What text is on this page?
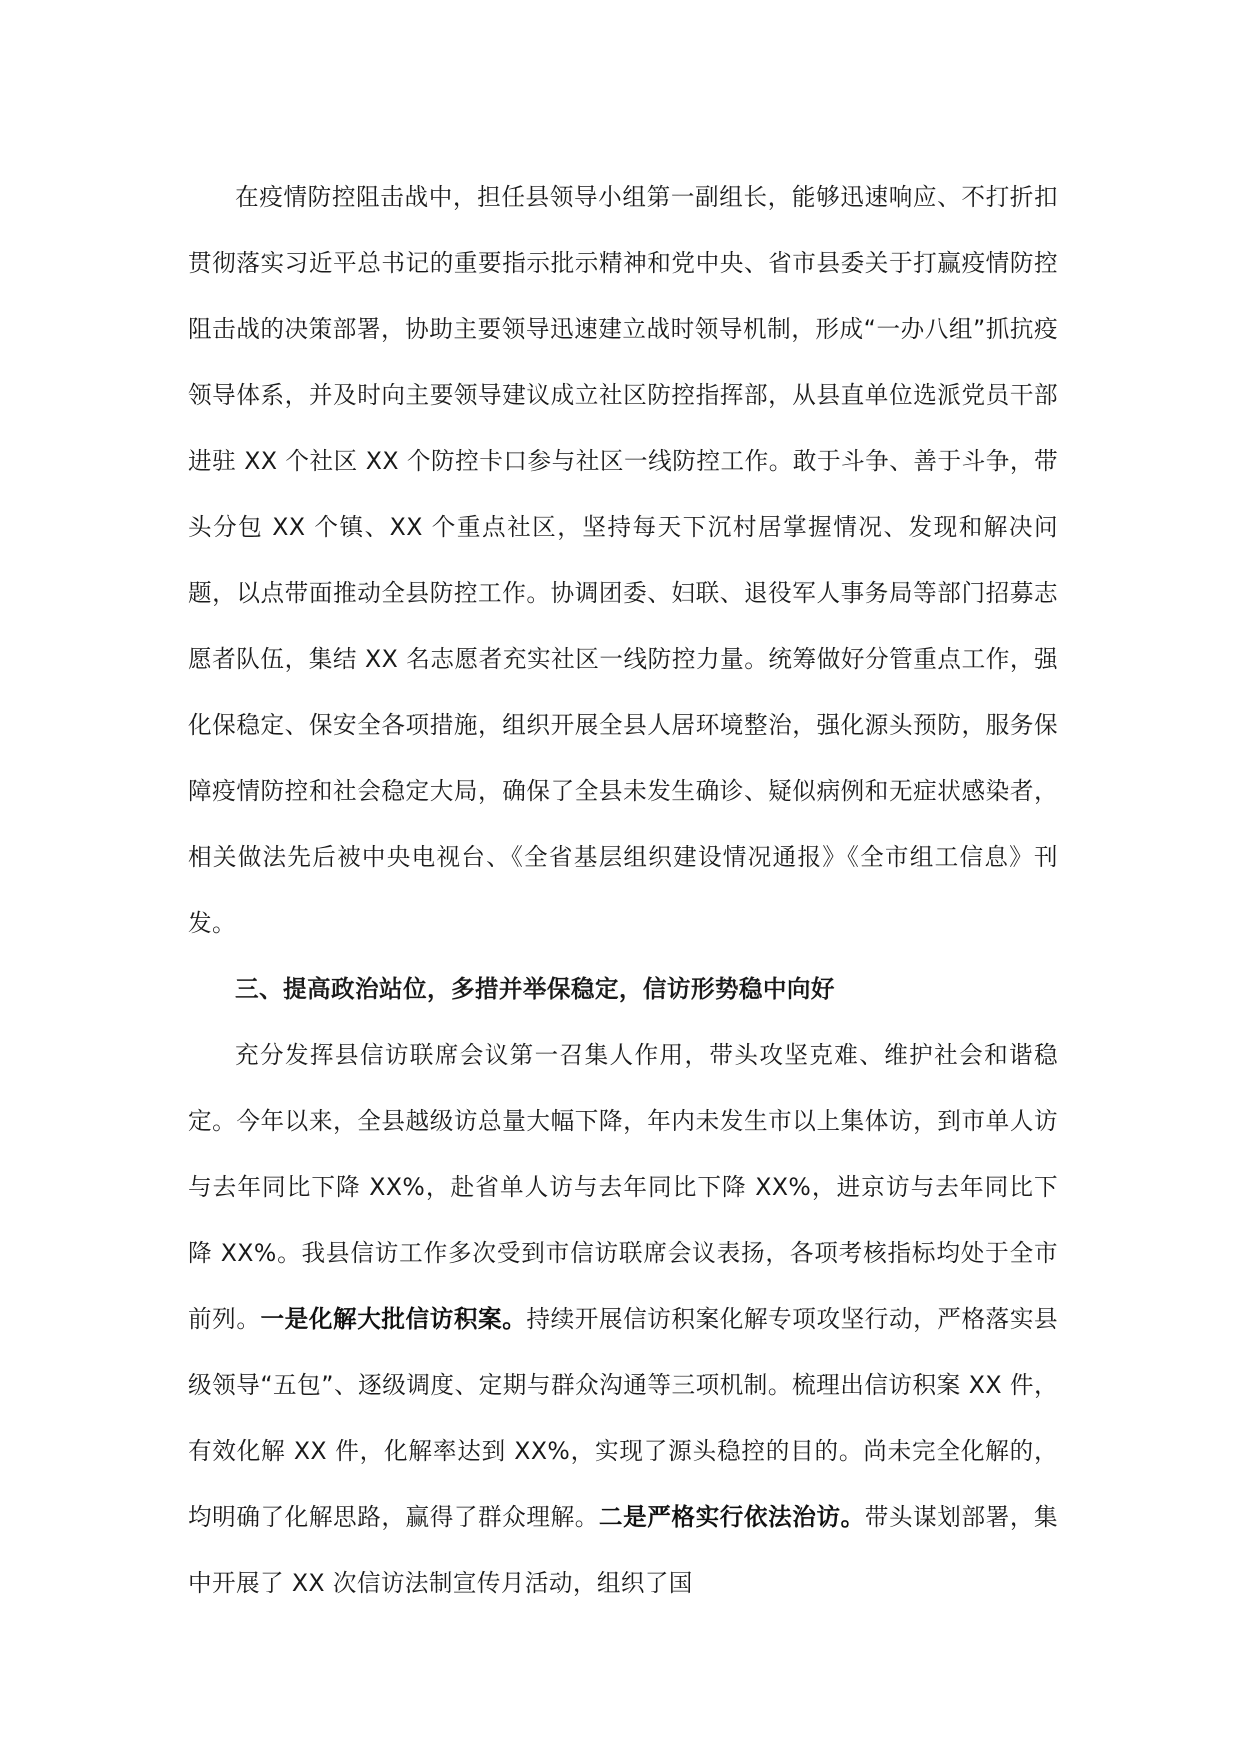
在疫情防控阻击战中，担任县领导小组第一副组长，能够迅速响应、不打折扣贯彻落实习近平总书记的重要指示批示精神和党中央、省市县委关于打赢疫情防控阻击战的决策部署，协助主要领导迅速建立战时领导机制，形成“一办八组”抓抗疫领导体系，并及时向主要领导建议成立社区防控指挥部，从县直单位选派党员干部进驻 XX 个社区 XX 个防控卡口参与社区一线防控工作。敢于斗争、善于斗争，带头分包 XX 个镇、XX 个重点社区，坚持每天下沉村居掌握情况、发现和解决问题，以点带面推动全县防控工作。协调团委、妇联、退役军人事务局等部门招募志愿者队伍，集结 XX 名志愿者充实社区一线防控力量。统筹做好分管重点工作，强化保稳定、保安全各项措施，组织开展全县人居环境整治，强化源头预防，服务保障疫情防控和社会稳定大局，确保了全县未发生确诊、疑似病例和无症状感染者，相关做法先后被中央电视台、《全省基层组织建设情况通报》《全市组工信息》刊发。

三、提高政治站位，多措并举保稳定，信访形势稳中向好

充分发挥县信访联席会议第一召集人作用，带头攻坚克难、维护社会和谐稳定。今年以来，全县越级访总量大幅下降，年内未发生市以上集体访，到市单人访与去年同比下降 XX%，赴省单人访与去年同比下降 XX%，进京访与去年同比下降 XX%。我县信访工作多次受到市信访联席会议表扬，各项考核指标均处于全市前列。一是化解大批信访积案。持续开展信访积案化解专项攻坚行动，严格落实县级领导“五包”、逐级调度、定期与群众沟通等三项机制。梳理出信访积案 XX 件，有效化解 XX 件，化解率达到 XX%，实现了源头稳控的目的。尚未完全化解的，均明确了化解思路，赢得了群众理解。二是严格实行依法治访。带头谋划部署，集中开展了 XX 次信访法制宣传月活动，组织了国
